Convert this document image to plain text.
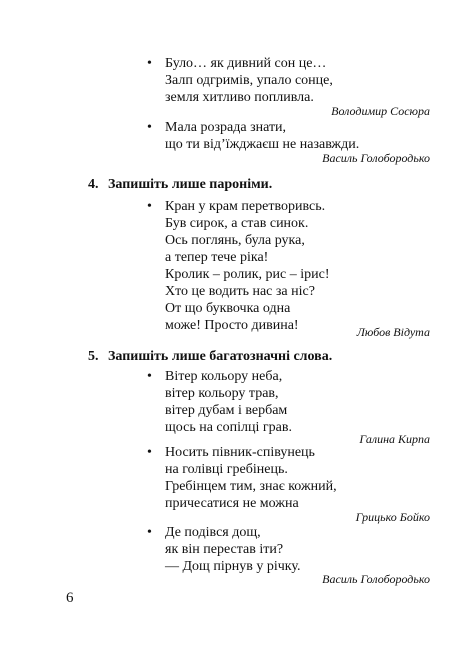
• Було… як дивний сон це…
Залп одгримів, упало сонце,
земля хитливо попливла.
Володимир Сосюра
• Мала розрада знати,
що ти від’їжджаєш не назавжди.
Василь Голобородько
4. Запишіть лише пароніми.
• Кран у крам перетворивсь.
Був сирок, а став синок.
Ось поглянь, була рука,
а тепер тече ріка!
Кролик – ролик, рис – ірис!
Хто це водить нас за ніс?
От що буквочка одна
може! Просто дивина!	Любов Відута
5. Запишіть лише багатозначні слова.
• Вітер кольору неба,
вітер кольору трав,
вітер дубам і вербам
щось на сопілці грав.
Галина Кирпа
• Носить півник-співунець
на голівці гребінець.
Гребінцем тим, знає кожний,
причесатися не можна
Грицько Бойко
• Де подівся дощ,
як він перестав іти?
— Дощ пірнув у річку.
Василь Голобородько
6
